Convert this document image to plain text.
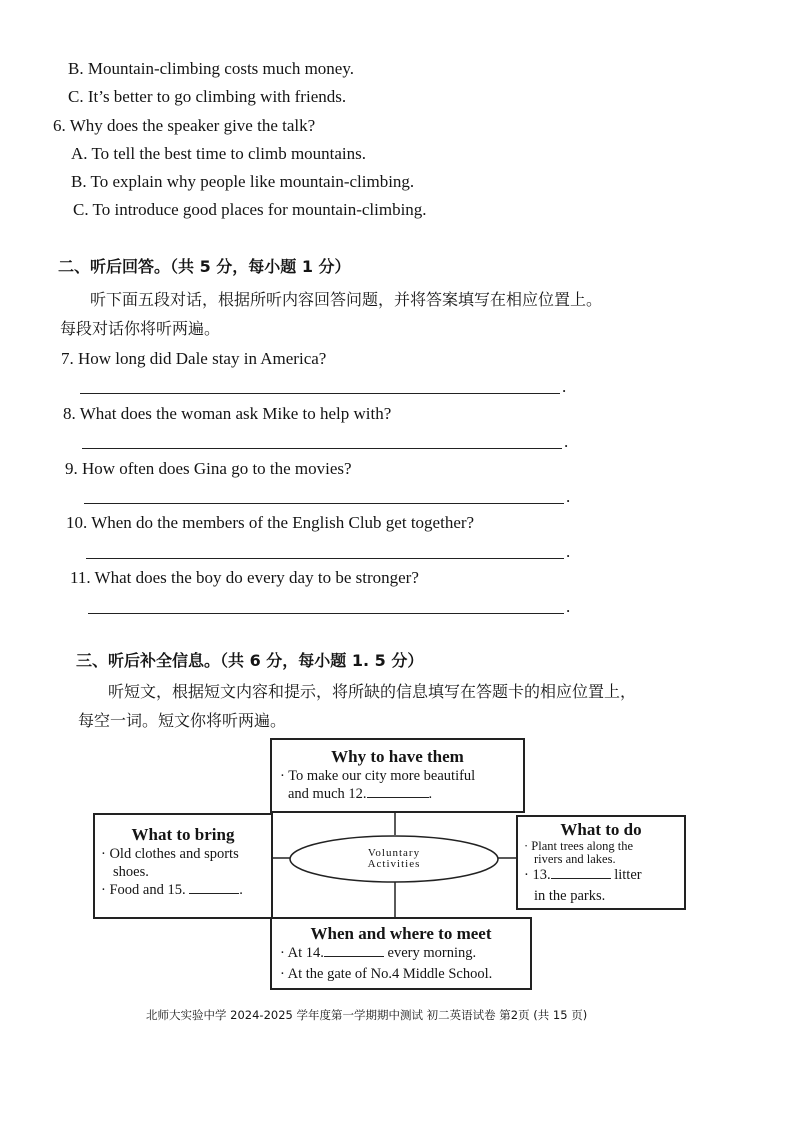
B. Mountain-climbing costs much money.
C. It’s better to go climbing with friends.
6. Why does the speaker give the talk?
A. To tell the best time to climb mountains.
B. To explain why people like mountain-climbing.
C. To introduce good places for mountain-climbing.
二、听后回答。（共 5 分，每小题 1 分）
听下面五段对话，根据所听内容回答问题，并将答案填写在相应位置上。
每段对话你将听两遍。
7. How long did Dale stay in America?
.
8. What does the woman ask Mike to help with?
.
9. How often does Gina go to the movies?
.
10. When do the members of the English Club get together?
.
11. What does the boy do every day to be stronger?
.
三、听后补全信息。（共 6 分，每小题 1. 5 分）
听短文，根据短文内容和提示，将所缺的信息填写在答题卡的相应位置上，
每空一词。短文你将听两遍。
Voluntary
Activities
Why to have them
· To make our city more beautiful
and much 12.	.
What to bring
· Old clothes and sports
shoes.
· Food and 15.	.
What to do
· Plant trees along the
rivers and lakes.
· 13.	litter
in the parks.
When and where to meet
· At 14.	every morning.
· At the gate of No.4 Middle School.
北师大实验中学 2024-2025 学年度第一学期期中测试 初二英语试卷 第2页 (共 15 页)
